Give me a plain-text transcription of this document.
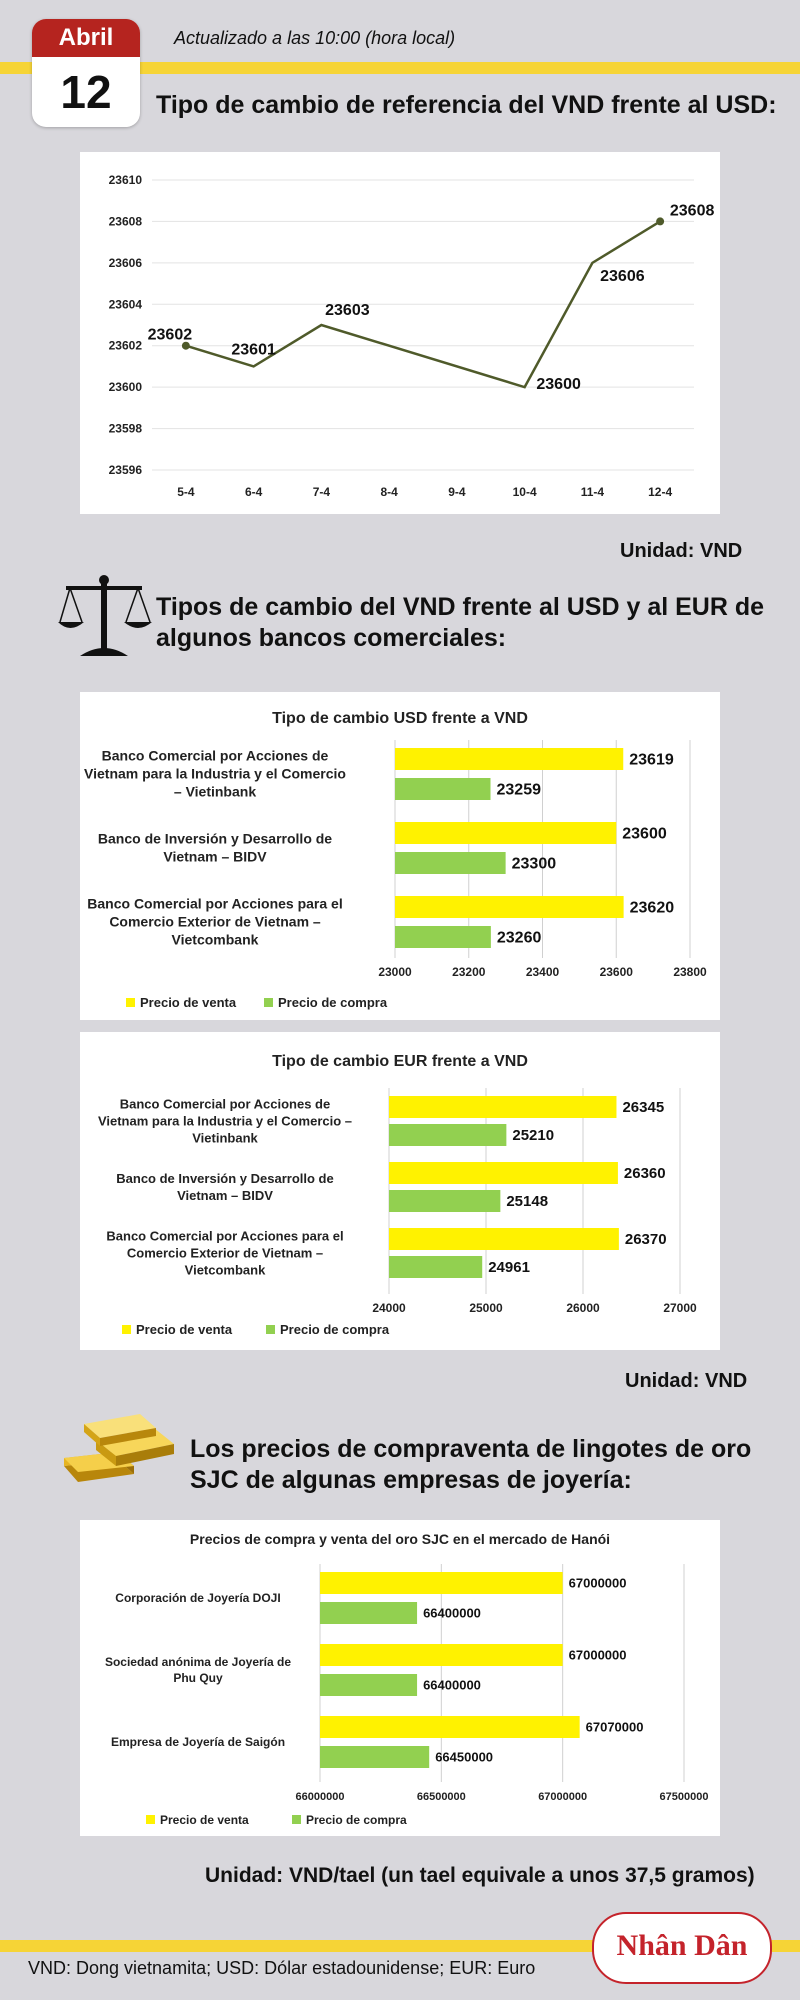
Abril
12
Actualizado a las 10:00 (hora local)
Tipo de cambio de referencia del VND frente al USD:
23610
23608
23606
23604
23602
23600
23598
23596
5-4	6-4	7-4	8-4	9-4	10-4	11-4	12-4
23602
23601
23603
23600
23606
23608
Unidad: VND
Tipos de cambio del VND frente al USD y al EUR de
algunos bancos comerciales:
Tipo de cambio USD frente a VND
23000	23200	23400	23600	23800
Banco Comercial por Acciones de
Vietnam para la Industria y el Comercio
– Vietinbank
23619
23259
Banco de Inversión y Desarrollo de
Vietnam – BIDV
23600
23300
Banco Comercial por Acciones para el
Comercio Exterior de Vietnam –
Vietcombank
23620
23260
Precio de venta	Precio de compra
Tipo de cambio EUR frente a VND
24000	25000	26000	27000
Banco Comercial por Acciones de
Vietnam para la Industria y el Comercio –
Vietinbank
26345
25210
Banco de Inversión y Desarrollo de
Vietnam – BIDV
26360
25148
Banco Comercial por Acciones para el
Comercio Exterior de Vietnam –
Vietcombank
26370
24961
Precio de venta	Precio de compra
Unidad: VND
Los precios de compraventa de lingotes de oro
SJC de algunas empresas de joyería:
Precios de compra y venta del oro SJC en el mercado de Hanói
66000000	66500000	67000000	67500000
Corporación de Joyería DOJI
67000000
66400000
Sociedad anónima de Joyería de
Phu Quy
67000000
66400000
Empresa de Joyería de Saigón
67070000
66450000
Precio de venta	Precio de compra
Unidad: VND/tael (un tael equivale a unos 37,5 gramos)
VND: Dong vietnamita; USD: Dólar estadounidense; EUR: Euro
Nhân Dân
